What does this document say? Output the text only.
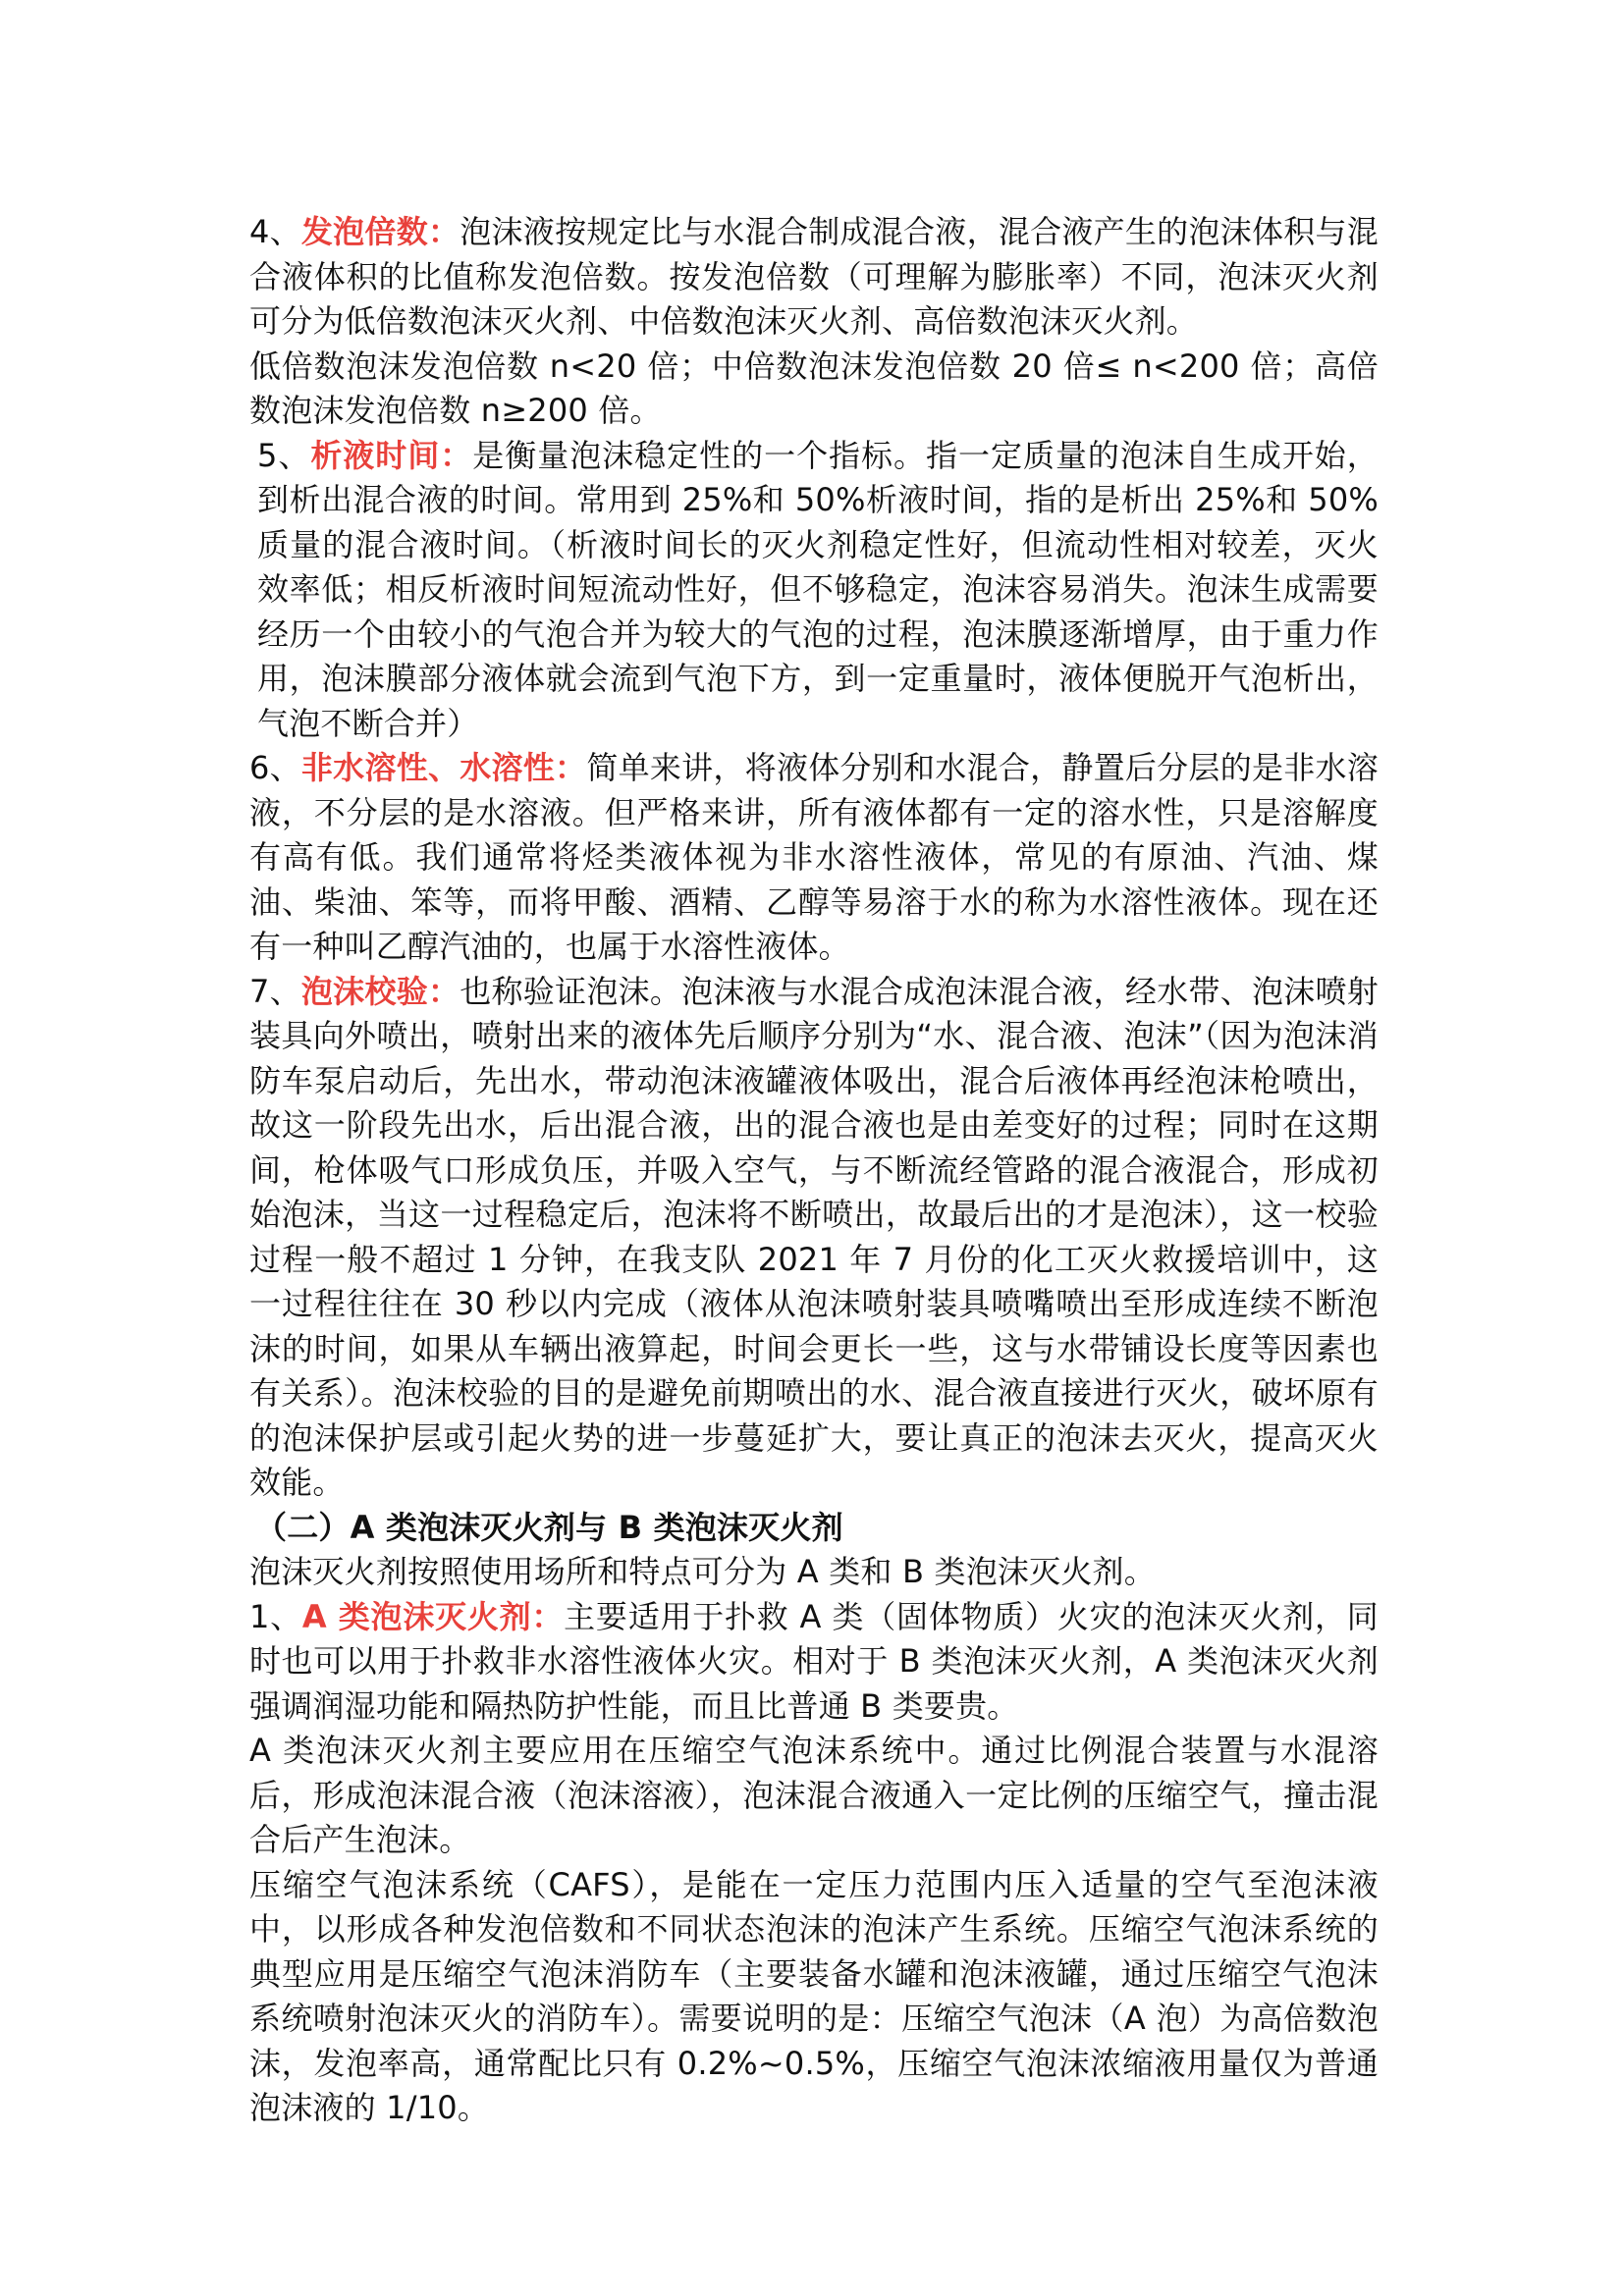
4、发泡倍数：泡沫液按规定比与水混合制成混合液，混合液产生的泡沫体积与混合液体积的比值称发泡倍数。按发泡倍数（可理解为膨胀率）不同，泡沫灭火剂可分为低倍数泡沫灭火剂、中倍数泡沫灭火剂、高倍数泡沫灭火剂。

低倍数泡沫发泡倍数 n<20 倍；中倍数泡沫发泡倍数 20 倍≤ n<200 倍；高倍数泡沫发泡倍数 n≥200 倍。

5、析液时间：是衡量泡沫稳定性的一个指标。指一定质量的泡沫自生成开始，到析出混合液的时间。常用到 25%和 50%析液时间，指的是析出 25%和 50%质量的混合液时间。（析液时间长的灭火剂稳定性好，但流动性相对较差，灭火效率低；相反析液时间短流动性好，但不够稳定，泡沫容易消失。泡沫生成需要经历一个由较小的气泡合并为较大的气泡的过程，泡沫膜逐渐增厚，由于重力作用，泡沫膜部分液体就会流到气泡下方，到一定重量时，液体便脱开气泡析出，气泡不断合并）

6、非水溶性、水溶性：简单来讲，将液体分别和水混合，静置后分层的是非水溶液，不分层的是水溶液。但严格来讲，所有液体都有一定的溶水性，只是溶解度有高有低。我们通常将烃类液体视为非水溶性液体，常见的有原油、汽油、煤油、柴油、笨等，而将甲酸、酒精、乙醇等易溶于水的称为水溶性液体。现在还有一种叫乙醇汽油的，也属于水溶性液体。

7、泡沫校验：也称验证泡沫。泡沫液与水混合成泡沫混合液，经水带、泡沫喷射装具向外喷出，喷射出来的液体先后顺序分别为“水、混合液、泡沫”（因为泡沫消防车泵启动后，先出水，带动泡沫液罐液体吸出，混合后液体再经泡沫枪喷出，故这一阶段先出水，后出混合液，出的混合液也是由差变好的过程；同时在这期间，枪体吸气口形成负压，并吸入空气，与不断流经管路的混合液混合，形成初始泡沫，当这一过程稳定后，泡沫将不断喷出，故最后出的才是泡沫），这一校验过程一般不超过 1 分钟，在我支队 2021 年 7 月份的化工灭火救援培训中，这一过程往往在 30 秒以内完成（液体从泡沫喷射装具喷嘴喷出至形成连续不断泡沫的时间，如果从车辆出液算起，时间会更长一些，这与水带铺设长度等因素也有关系）。泡沫校验的目的是避免前期喷出的水、混合液直接进行灭火，破坏原有的泡沫保护层或引起火势的进一步蔓延扩大，要让真正的泡沫去灭火，提高灭火效能。

（二）A 类泡沫灭火剂与 B 类泡沫灭火剂

泡沫灭火剂按照使用场所和特点可分为 A 类和 B 类泡沫灭火剂。

1、A 类泡沫灭火剂：主要适用于扑救 A 类（固体物质）火灾的泡沫灭火剂，同时也可以用于扑救非水溶性液体火灾。相对于 B 类泡沫灭火剂，A 类泡沫灭火剂强调润湿功能和隔热防护性能，而且比普通 B 类要贵。

A 类泡沫灭火剂主要应用在压缩空气泡沫系统中。通过比例混合装置与水混溶后，形成泡沫混合液（泡沫溶液），泡沫混合液通入一定比例的压缩空气，撞击混合后产生泡沫。

压缩空气泡沫系统（CAFS），是能在一定压力范围内压入适量的空气至泡沫液中，以形成各种发泡倍数和不同状态泡沫的泡沫产生系统。压缩空气泡沫系统的典型应用是压缩空气泡沫消防车（主要装备水罐和泡沫液罐，通过压缩空气泡沫系统喷射泡沫灭火的消防车）。需要说明的是：压缩空气泡沫（A 泡）为高倍数泡沫，发泡率高，通常配比只有 0.2%~0.5%，压缩空气泡沫浓缩液用量仅为普通泡沫液的 1/10。
